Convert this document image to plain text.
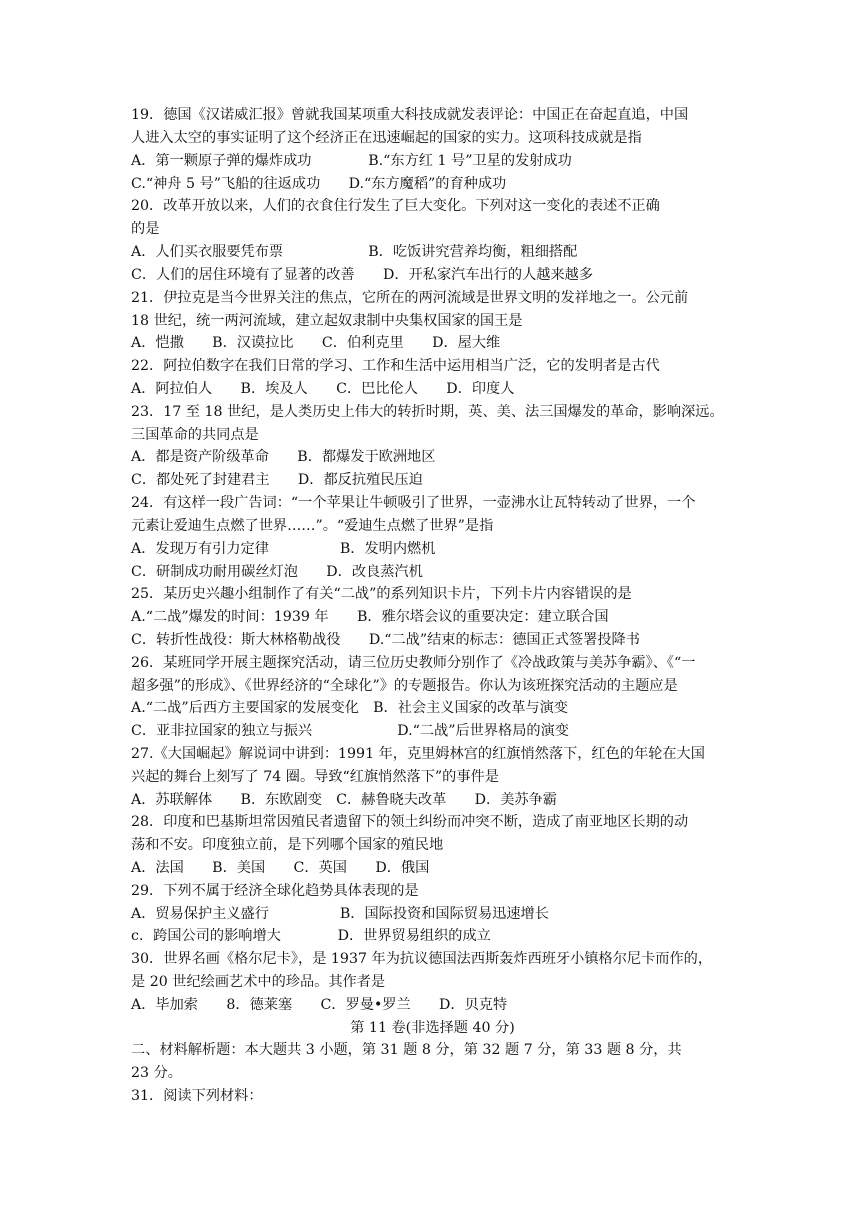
19．德国《汉诺威汇报》曾就我国某项重大科技成就发表评论：中国正在奋起直追，中国
人进入太空的事实证明了这个经济正在迅速崛起的国家的实力。这项科技成就是指
A．第一颗原子弹的爆炸成功　　　　B.“东方红 1 号”卫星的发射成功
C.“神舟 5 号”飞船的往返成功　　D.“东方魔稻”的育种成功
20．改革开放以来，人们的衣食住行发生了巨大变化。下列对这一变化的表述不正确
的是
A．人们买衣服要凭布票　　　　　　B．吃饭讲究营养均衡，粗细搭配
C．人们的居住环境有了显著的改善　　D．开私家汽车出行的人越来越多
21．伊拉克是当今世界关注的焦点，它所在的两河流域是世界文明的发祥地之一。公元前
18 世纪，统一两河流域，建立起奴隶制中央集权国家的国王是
A．恺撒　　B．汉谟拉比　　C．伯利克里　　D．屋大维
22．阿拉伯数字在我们日常的学习、工作和生活中运用相当广泛，它的发明者是古代
A．阿拉伯人　　B．埃及人　　C．巴比伦人　　D．印度人
23．17 至 18 世纪，是人类历史上伟大的转折时期，英、美、法三国爆发的革命，影响深远。
三国革命的共同点是
A．都是资产阶级革命　　B．都爆发于欧洲地区
C．都处死了封建君主　　D．都反抗殖民压迫
24．有这样一段广告词：“一个苹果让牛顿吸引了世界，一壶沸水让瓦特转动了世界，一个
元素让爱迪生点燃了世界……”。“爱迪生点燃了世界”是指
A．发现万有引力定律　　　　　B．发明内燃机
C．研制成功耐用碳丝灯泡　　D．改良蒸汽机
25．某历史兴趣小组制作了有关“二战”的系列知识卡片，下列卡片内容错误的是
A.“二战”爆发的时间：1939 年　　B．雅尔塔会议的重要决定：建立联合国
C．转折性战役：斯大林格勒战役　　D.“二战”结束的标志：德国正式签署投降书
26．某班同学开展主题探究活动，请三位历史教师分别作了《冷战政策与美苏争霸》、《“一
超多强”的形成》、《世界经济的“全球化”》的专题报告。你认为该班探究活动的主题应是
A.“二战”后西方主要国家的发展变化　B．社会主义国家的改革与演变
C．亚非拉国家的独立与振兴　　　　　　D.“二战”后世界格局的演变
27.《大国崛起》解说词中讲到：1991 年，克里姆林宫的红旗悄然落下，红色的年轮在大国
兴起的舞台上刻写了 74 圈。导致“红旗悄然落下”的事件是
A．苏联解体　　B．东欧剧变　C．赫鲁晓夫改革　　D．美苏争霸
28．印度和巴基斯坦常因殖民者遗留下的领土纠纷而冲突不断，造成了南亚地区长期的动
荡和不安。印度独立前，是下列哪个国家的殖民地
A．法国　　B．美国　　C．英国　　D．俄国
29．下列不属于经济全球化趋势具体表现的是
A．贸易保护主义盛行　　　　　B．国际投资和国际贸易迅速增长
c．跨国公司的影响增大　　　　D．世界贸易组织的成立
30．世界名画《格尔尼卡》，是 1937 年为抗议德国法西斯轰炸西班牙小镇格尔尼卡而作的，
是 20 世纪绘画艺术中的珍品。其作者是
A．毕加索　　8．德莱塞　　C．罗曼•罗兰　　D．贝克特
第 11 卷(非选择题 40 分)
二、材料解析题：本大题共 3 小题，第 31 题 8 分，第 32 题 7 分，第 33 题 8 分，共
23 分。
31．阅读下列材料：
